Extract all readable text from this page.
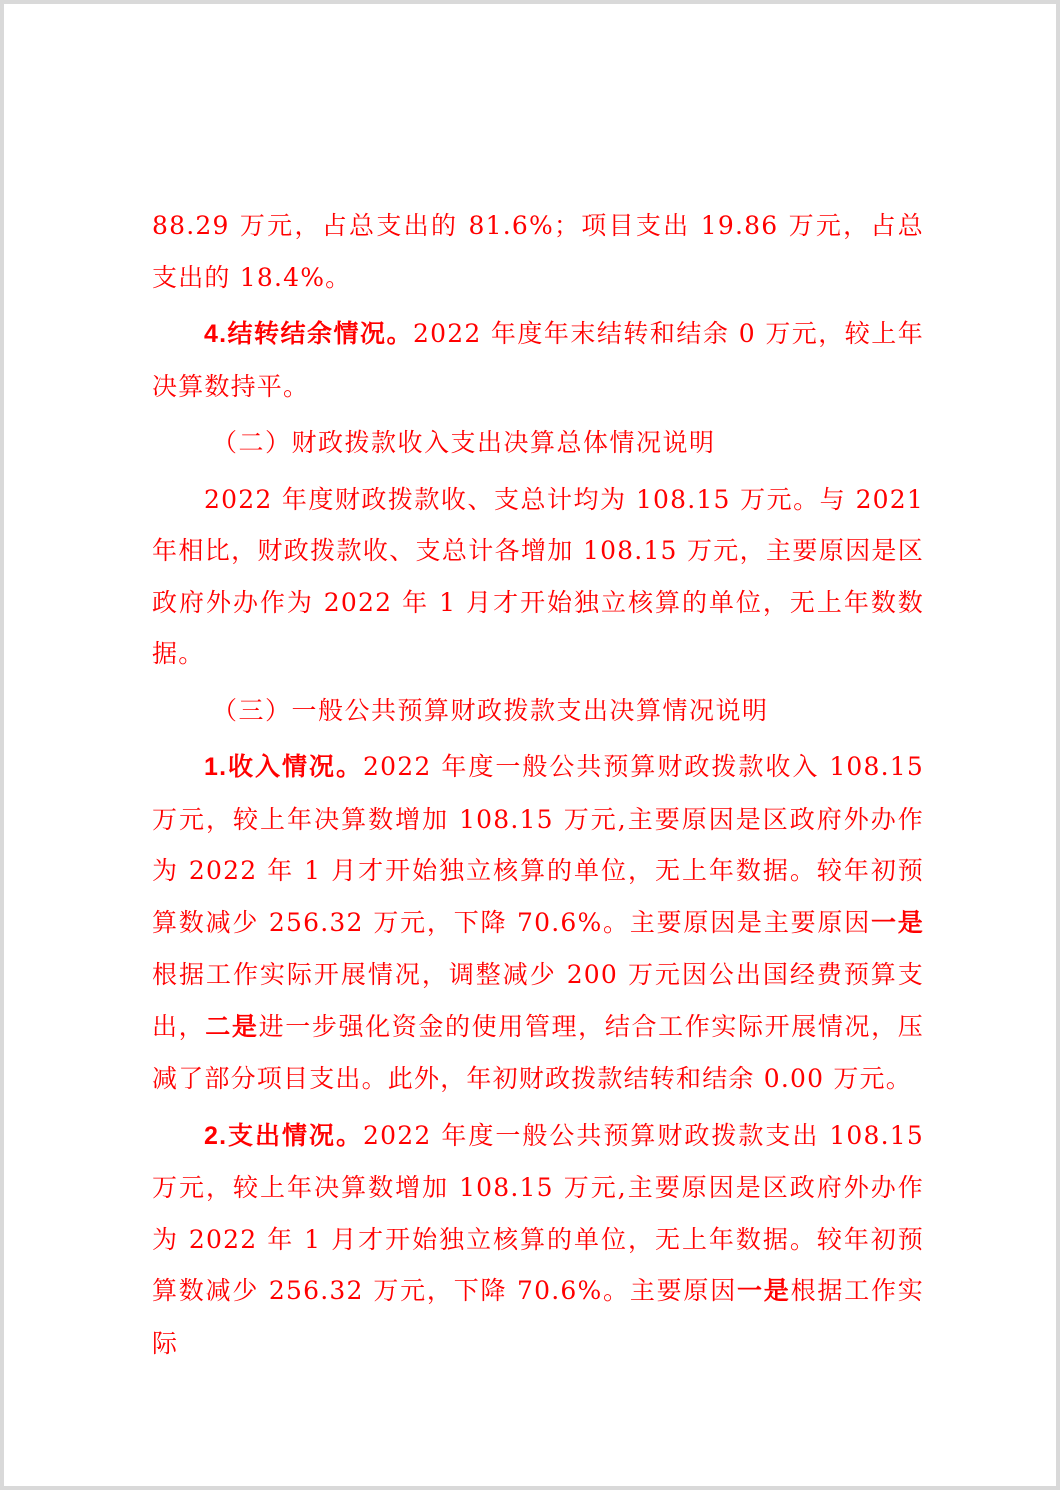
88.29 万元，占总支出的 81.6%；项目支出 19.86 万元，占总支出的 18.4%。

4.结转结余情况。2022 年度年末结转和结余 0 万元，较上年决算数持平。

（二）财政拨款收入支出决算总体情况说明

2022 年度财政拨款收、支总计均为 108.15 万元。与 2021 年相比，财政拨款收、支总计各增加 108.15 万元，主要原因是区政府外办作为 2022 年 1 月才开始独立核算的单位，无上年数数据。

（三）一般公共预算财政拨款支出决算情况说明

1.收入情况。2022 年度一般公共预算财政拨款收入 108.15 万元，较上年决算数增加 108.15 万元,主要原因是区政府外办作为 2022 年 1 月才开始独立核算的单位，无上年数据。较年初预算数减少 256.32 万元，下降 70.6%。主要原因是主要原因一是根据工作实际开展情况，调整减少 200 万元因公出国经费预算支出，二是进一步强化资金的使用管理，结合工作实际开展情况，压减了部分项目支出。此外，年初财政拨款结转和结余 0.00 万元。

2.支出情况。2022 年度一般公共预算财政拨款支出 108.15 万元，较上年决算数增加 108.15 万元,主要原因是区政府外办作为 2022 年 1 月才开始独立核算的单位，无上年数据。较年初预算数减少 256.32 万元，下降 70.6%。主要原因一是根据工作实际
